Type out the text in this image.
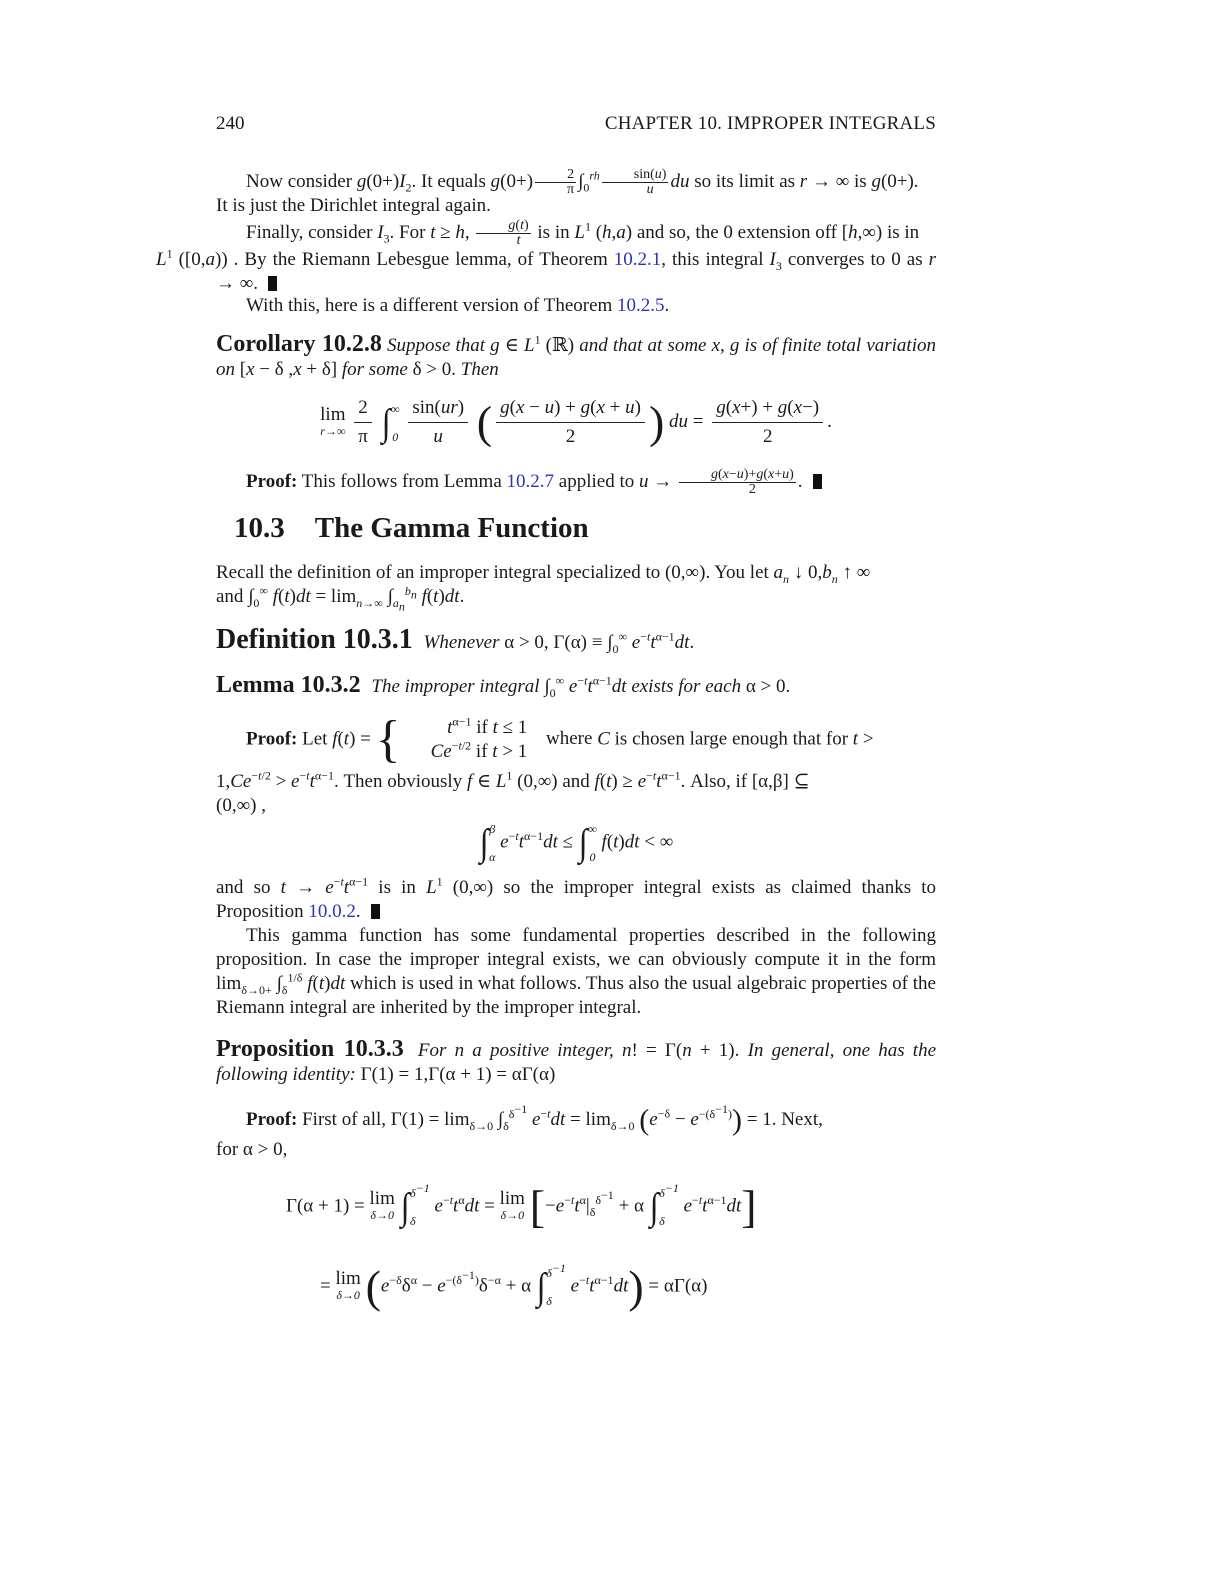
240	CHAPTER 10. IMPROPER INTEGRALS
Now consider $g(0+)I_2$. It equals $g(0+) \frac{2}{\pi} \int_0^{rh} \frac{\sin(u)}{u}$ du so its limit as r → ∞ is g(0+).
It is just the Dirichlet integral again.
Finally, consider $I_3$. For t ≥ h, $\frac{g(t)}{t}$ is in $L^1$ (h,a) and so, the 0 extension off [h,∞) is in
$L^1$ ([0,a)) . By the Riemann Lebesgue lemma, of Theorem 10.2.1, this integral $I_3$ converges to 0 as r → ∞.
With this, here is a different version of Theorem 10.2.5.
Corollary 10.2.8 Suppose that g ∈ $L^1$ (ℝ) and that at some x, g is of finite total variation on [x − δ ,x + δ] for some δ > 0. Then
lim
r→∞
$\frac{2}{\pi}$ ∫∞

$0 \frac{\sin(ur)}{u}$ ( $\frac{g(x - u) + g(x + u)}{2}$ ) du = $\frac{g(x+) + g(x-)}{2}$ .
Proof: This follows from Lemma 10.2.7 applied to $u \to \frac{g(x-u)+g(x+u)}{2}$ .
10.3 The Gamma Function
Recall the definition of an improper integral specialized to (0,∞). You let $a_n$ ↓ $0,b_n$ ↑ ∞
and $\int_0^\infty$ $f(t)dt = \lim_{n\to\infty} \int_{a_n}^{b_n}$ f(t)dt.
Definition 10.3.1 Whenever α > 0, $\Gamma(\alpha) \equiv \int_0^\infty$ $e^{-t}t^{\alpha-1}dt$.
Lemma 10.3.2 The improper integral $\int_0^\infty$ $e^{-t}t^{\alpha-1}dt$ exists for each α > 0.
Proof: Let f(t) = {	$t^{\alpha-1}$ if t ≤ 1
$Ce^{-t/2}$ if t > 1
where C is chosen large enough that for t >
$1,Ce^{-t/2} > e^{-t}t^{\alpha-1}$. Then obviously f ∈ $L^1$ (0,∞) and $f(t) \ge e^{-t}t^{\alpha-1}$. Also, if [α,β] ⊆
(0,∞) ,
∫β

α $e^{-t}t^{\alpha-1}dt$ ≤ ∫∞

0 f(t)dt < ∞
and so $t \to e^{-t}t^{\alpha-1}$ is in $L^1$ (0,∞) so the improper integral exists as claimed thanks to Proposition 10.0.2.
This gamma function has some fundamental properties described in the following proposition. In case the improper integral exists, we can obviously compute it in the form $\lim_{\delta\to 0+} \int_\delta^{1/\delta}$ f(t)dt which is used in what follows. Thus also the usual algebraic properties of the Riemann integral are inherited by the improper integral.
Proposition 10.3.3 For n a positive integer, n! = Γ(n + 1). In general, one has the following identity: Γ(1) = 1,Γ(α + 1) = αΓ(α)
Proof: First of all, $\Gamma(1) = \lim_{\delta\to 0} \int_\delta^{\delta^{-1}}$ $e^{-t}dt = \lim_{\delta\to 0} (e^{-\delta} - e^{-(\delta^{-1})}) = 1$. Next,
for α > 0,
Γ(α + 1) = lim
δ→0 $\int\delta^{-1}$

δ $e^{-t}t^\alpha dt = \lim$
δ→0 [$-e^{-t}t^\alpha|_\delta^{\delta^{-1}} + \alpha$ $\int\delta^{-1}$

δ $e^{-t}t^{\alpha-1}dt$]
= lim
δ→0 ($e^{-\delta}\delta^\alpha - e^{-(\delta^{-1})}\delta^{-\alpha} + \alpha$ $\int\delta^{-1}$

δ $e^{-t}t^{\alpha-1}dt) = \alpha\Gamma(\alpha)$
